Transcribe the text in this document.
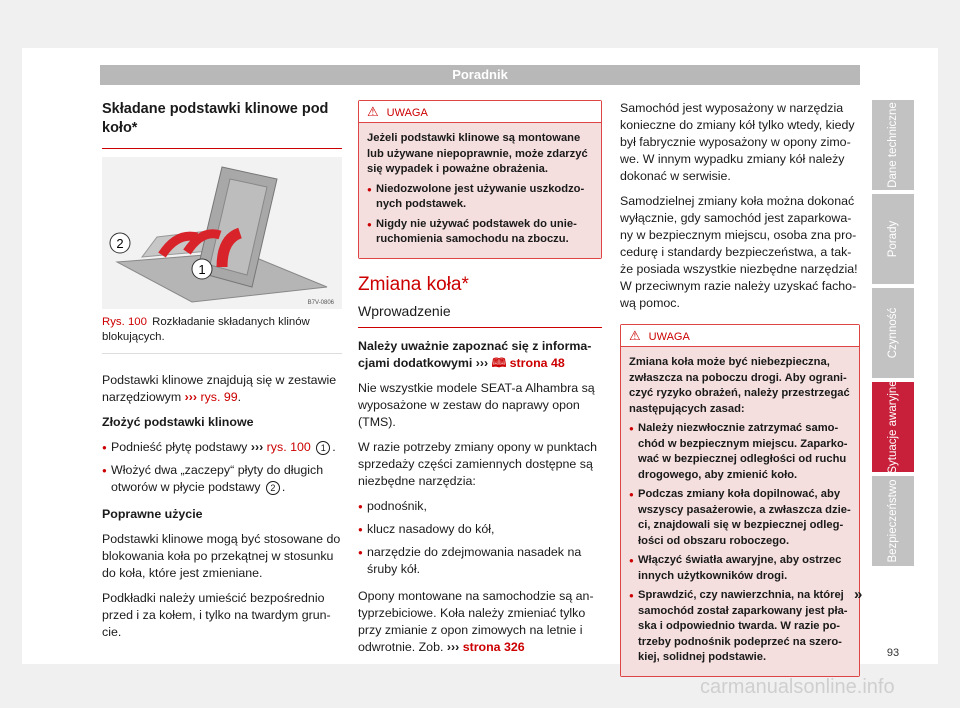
Poradnik
Składane podstawki klinowe pod koło*
2
1
B7V-0806
Rys. 100 Rozkładanie składanych klinów blokujących.

Podstawki klinowe znajdują się w zestawie narzędziowym ››› rys. 99.

Złożyć podstawki klinowe

● Podnieść płytę podstawy ››› rys. 100 1 .
● Włożyć dwa „zaczepy“ płyty do długich otworów w płycie podstawy 2 .

Poprawne użycie

Podstawki klinowe mogą być stosowane do blokowania koła po przekątnej w stosunku do koła, które jest zmieniane.

Podkładki należy umieścić bezpośrednio przed i za kołem, i tylko na twardym gruncie.

⚠ UWAGA

Jeżeli podstawki klinowe są montowane lub używane niepoprawnie, może zdarzyć się wypadek i poważne obrażenia.

● Niedozwolone jest używanie uszkodzonych podstawek.
● Nigdy nie używać podstawek do unieruchomienia samochodu na zboczu.
Zmiana koła*
Wprowadzenie

Należy uważnie zapoznać się z informacjami dodatkowymi ››› 🕮 strona 48

Nie wszystkie modele SEAT-a Alhambra są wyposażone w zestaw do naprawy opon (TMS).

W razie potrzeby zmiany opony w punktach sprzedaży części zamiennych dostępne są niezbędne narzędzia:

● podnośnik,
● klucz nasadowy do kół,
● narzędzie do zdejmowania nasadek na śruby kół.

Opony montowane na samochodzie są antyprzebiciowe. Koła należy zmieniać tylko przy zmianie z opon zimowych na letnie i odwrotnie. Zob. ››› strona 326

Samochód jest wyposażony w narzędzia konieczne do zmiany kół tylko wtedy, kiedy był fabrycznie wyposażony w opony zimowe. W innym wypadku zmiany kół należy dokonać w serwisie.

Samodzielnej zmiany koła można dokonać wyłącznie, gdy samochód jest zaparkowany w bezpiecznym miejscu, osoba zna procedurę i standardy bezpieczeństwa, a także posiada wszystkie niezbędne narzędzia! W przeciwnym razie należy uzyskać fachową pomoc.

⚠ UWAGA

Zmiana koła może być niebezpieczna, zwłaszcza na poboczu drogi. Aby ograniczyć ryzyko obrażeń, należy przestrzegać następujących zasad:

● Należy niezwłocznie zatrzymać samochód w bezpiecznym miejscu. Zaparkować w bezpiecznej odległości od ruchu drogowego, aby zmienić koło.
● Podczas zmiany koła dopilnować, aby wszyscy pasażerowie, a zwłaszcza dzieci, znajdowali się w bezpiecznej odległości od obszaru roboczego.
● Włączyć światła awaryjne, aby ostrzec innych użytkowników drogi.
● Sprawdzić, czy nawierzchnia, na której samochód został zaparkowany jest płaska i odpowiednio twarda. W razie potrzeby podnośnik podeprzeć na szerokiej, solidnej podstawie.
»
Dane techniczne
Porady
Czynność
Sytuacje awaryjne
Bezpieczeństwo
93
carmanualsonline.info
